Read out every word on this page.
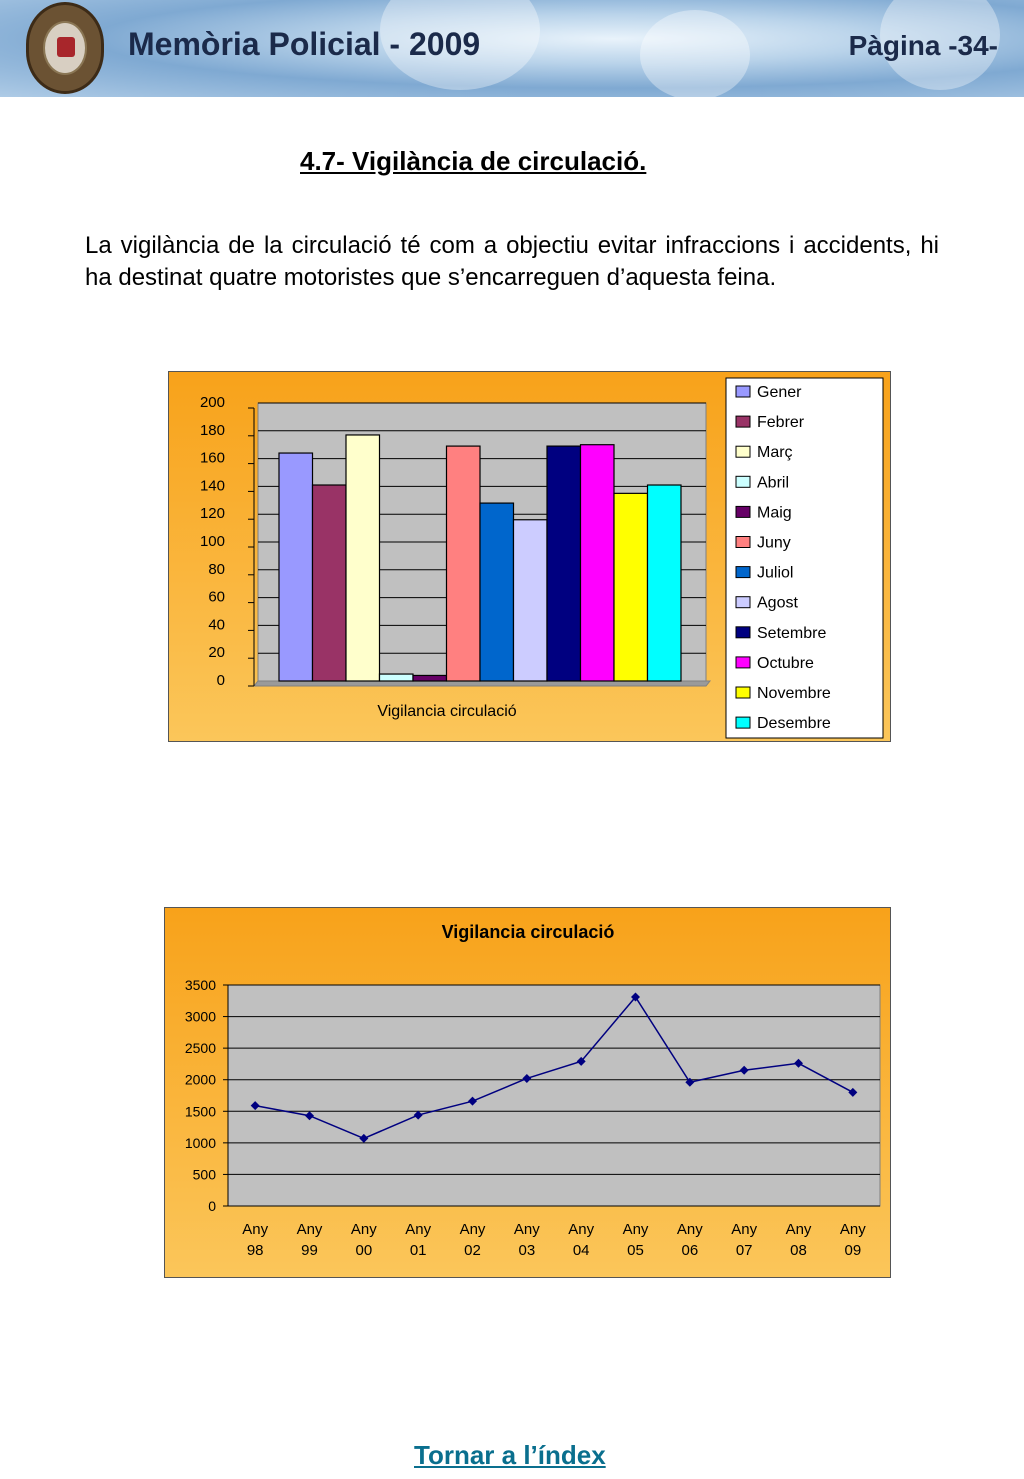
Memòria Policial - 2009	Pàgina -34-
4.7- Vigilància de circulació.
La vigilància de la circulació té com a objectiu evitar infraccions i accidents, hi ha destinat quatre motoristes que s’encarreguen d’aquesta feina.
0
20
40
60
80
100
120
140
160
180
200
Vigilancia circulació
Gener
Febrer
Març
Abril
Maig
Juny
Juliol
Agost
Setembre
Octubre
Novembre
Desembre
Vigilancia circulació
0
500
1000
1500
2000
2500
3000
3500
Any
98
Any
99
Any
00
Any
01
Any
02
Any
03
Any
04
Any
05
Any
06
Any
07
Any
08
Any
09
Tornar a l’índex
